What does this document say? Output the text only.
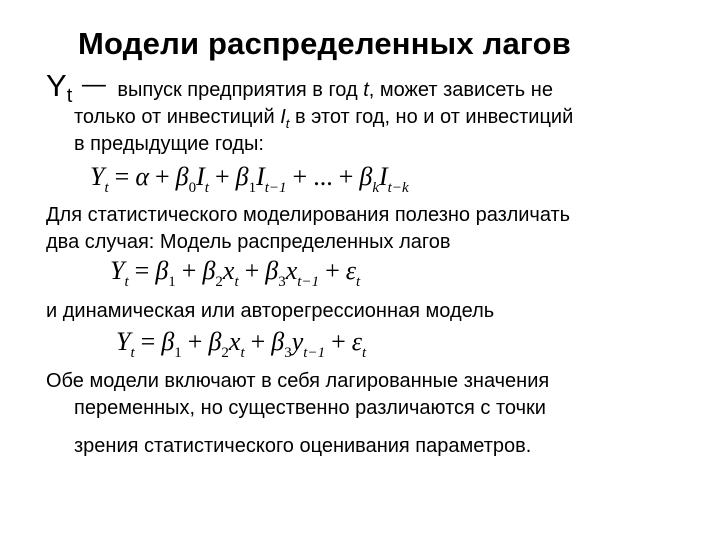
Модели распределенных лагов
$Y_t$ — выпуск предприятия в год t, может зависеть не
только от инвестиций $I_t$ в этот год, но и от инвестиций
в предыдущие годы:
$Y_t = \alpha + \beta_0I_t + \beta_1I_{t-1}$ + ... + $\beta_kI_{t-k}$
Для статистического моделирования полезно различать
два случая: Модель распределенных лагов
$Y_t = \beta_1 + \beta_2x_t + \beta_3x_{t-1} + \varepsilon_t$
и динамическая или авторегрессионная модель
$Y_t = \beta_1 + \beta_2x_t + \beta_3y_{t-1} + \varepsilon_t$
Обе модели включают в себя лагированные значения
переменных, но существенно различаются с точки
зрения статистического оценивания параметров.
